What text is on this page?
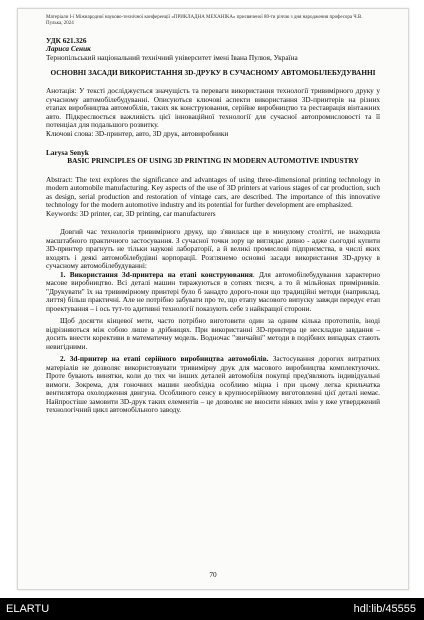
Матеріали I-ї Міжнародної науково-технічної конференції «ПРИКЛАДНА МЕХАНІКА» присвяченої 80-ти річчю з дня народження професора Ч.В. Пулька, 2024
УДК 621.326
Лариса Сеник
Тернопільський національний технічний університет імені Івана Пулюя, Україна
ОСНОВНІ ЗАСАДИ ВИКОРИСТАННЯ 3D-ДРУКУ В СУЧАСНОМУ АВТОМОБІЛЕБУДУВАННІ
Анотація: У тексті досліджується значущість та переваги використання технології тривимірного друку у сучасному автомобілебудуванні. Описуються ключові аспекти використання 3D-принтерів на різних етапах виробництва автомобілів, таких як конструювання, серійне виробництво та реставрація вінтажних авто. Підкреслюється важливість цієї інноваційної технології для сучасної автопромисловості та її потенціал для подальшого розвитку.
Ключові слова: 3D-принтер, авто, 3D друк, автовиробники
Larysa Senyk
BASIC PRINCIPLES OF USING 3D PRINTING IN MODERN AUTOMOTIVE INDUSTRY
Abstract: The text explores the significance and advantages of using three-dimensional printing technology in modern automobile manufacturing. Key aspects of the use of 3D printers at various stages of car production, such as design, serial production and restoration of vintage cars, are described. The importance of this innovative technology for the modern automotive industry and its potential for further development are emphasized.
Keywords: 3D printer, car, 3D printing, car manufacturers

Довгий час технологія тривимірного друку, що з'явилася ще в минулому столітті, не знаходила масштабного практичного застосування. З сучасної точки зору це виглядає дивно - адже сьогодні купити 3D-принтер прагнуть не тільки наукові лабораторії, а й великі промислові підприємства, в числі яких входять і деякі автомобілебудівні корпорації. Розглянемо основні засади використання 3D-друку в сучасному автомобілебудуванні:

1. Використання 3d-принтера на етапі конструювання. Для автомобілебудування характерно масове виробництво. Всі деталі машин тиражуються в сотнях тисяч, а то й мільйонах примірників. "Друкувати" їх на тривимірному принтері було б занадто дорого-поки що традиційні методи (наприклад, лиття) більш практичні. Але не потрібно забувати про те, що етапу масового випуску завжди передує етап проектування – і ось тут-то адитивні технології показують себе з найкращої сторони.

Щоб досягти кінцевої мети, часто потрібно виготовити один за одним кілька прототипів, іноді відрізняються між собою лише в дрібницях. При використанні 3D-принтера це нескладне завдання – досить внести корективи в математичну модель. Водночас "звичайні" методи в подібних випадках стають невигідними.

2. 3d-принтер на етапі серійного виробництва автомобілів. Застосування дорогих витратних матеріалів не дозволяє використовувати тривимірну друк для масового виробництва комплектуючих. Проте бувають винятки, коли до тих чи інших деталей автомобіля покупці пред'являють індивідуальні вимоги. Зокрема, для гоночних машин необхідна особливо міцна і при цьому легка крильчатка вентилятора охолодження двигуна. Особливого сенсу в крупносерійному виготовленні цієї деталі немає. Найпростіше замовити 3D-друк таких елементів – це дозволяє не вносити ніяких змін у вже утверджений технологічний цикл автомобільного заводу.

70
ELARTU	hdl:lib/45555
